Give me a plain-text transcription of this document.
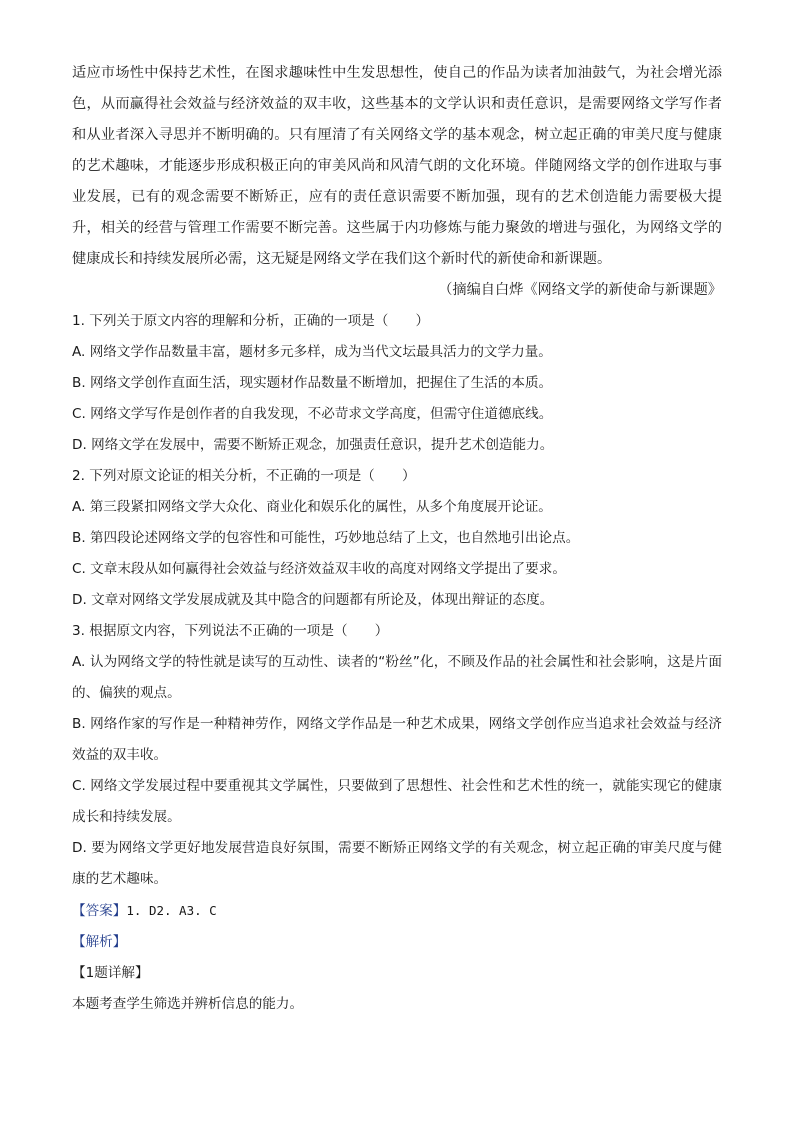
适应市场性中保持艺术性，在图求趣味性中生发思想性，使自己的作品为读者加油鼓气，为社会增光添色，从而赢得社会效益与经济效益的双丰收，这些基本的文学认识和责任意识，是需要网络文学写作者和从业者深入寻思并不断明确的。只有厘清了有关网络文学的基本观念，树立起正确的审美尺度与健康的艺术趣味，才能逐步形成积极正向的审美风尚和风清气朗的文化环境。伴随网络文学的创作进取与事业发展，已有的观念需要不断矫正，应有的责任意识需要不断加强，现有的艺术创造能力需要极大提升，相关的经营与管理工作需要不断完善。这些属于内功修炼与能力聚敛的增进与强化，为网络文学的健康成长和持续发展所必需，这无疑是网络文学在我们这个新时代的新使命和新课题。

（摘编自白烨《网络文学的新使命与新课题》

1. 下列关于原文内容的理解和分析，正确的一项是（　　）

A. 网络文学作品数量丰富，题材多元多样，成为当代文坛最具活力的文学力量。

B. 网络文学创作直面生活，现实题材作品数量不断增加，把握住了生活的本质。

C. 网络文学写作是创作者的自我发现，不必苛求文学高度，但需守住道德底线。

D. 网络文学在发展中，需要不断矫正观念，加强责任意识，提升艺术创造能力。

2. 下列对原文论证的相关分析，不正确的一项是（　　）

A. 第三段紧扣网络文学大众化、商业化和娱乐化的属性，从多个角度展开论证。

B. 第四段论述网络文学的包容性和可能性，巧妙地总结了上文，也自然地引出论点。

C. 文章末段从如何赢得社会效益与经济效益双丰收的高度对网络文学提出了要求。

D. 文章对网络文学发展成就及其中隐含的问题都有所论及，体现出辩证的态度。

3. 根据原文内容，下列说法不正确的一项是（　　）

A. 认为网络文学的特性就是读写的互动性、读者的“粉丝”化，不顾及作品的社会属性和社会影响，这是片面的、偏狭的观点。

B. 网络作家的写作是一种精神劳作，网络文学作品是一种艺术成果，网络文学创作应当追求社会效益与经济效益的双丰收。

C. 网络文学发展过程中要重视其文学属性，只要做到了思想性、社会性和艺术性的统一，就能实现它的健康成长和持续发展。

D. 要为网络文学更好地发展营造良好氛围，需要不断矫正网络文学的有关观念，树立起正确的审美尺度与健康的艺术趣味。

【答案】1. D2. A3. C

【解析】

【1题详解】

本题考查学生筛选并辨析信息的能力。
